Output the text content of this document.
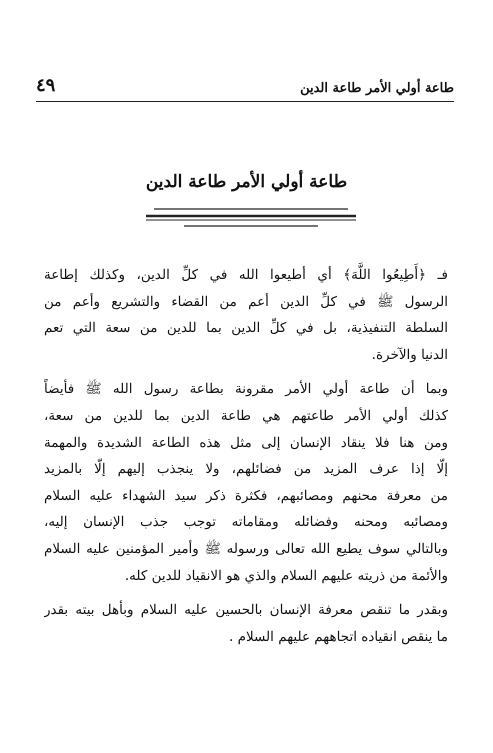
٤٩	طاعة أولي الأمر طاعة الدين
طاعة أولي الأمر طاعة الدين

فـ ﴿أَطِيعُوا اللَّهَ﴾ أي أطيعوا الله في كلِّ الدين، وكذلك إطاعة
الرسول ﷺ في كلِّ الدين أعم من القضاء والتشريع وأعم من
السلطة التنفيذية، بل في كلِّ الدين بما للدين من سعة التي تعم
الدنيا والآخرة.

وبما أن طاعة أولي الأمر مقرونة بطاعة رسول الله ﷺ فأيضاً
كذلك أولي الأمر طاعتهم هي طاعة الدين بما للدين من سعة،
ومن هنا فلا ينقاد الإنسان إلى مثل هذه الطاعة الشديدة والمهمة
إلّا إذا عرف المزيد من فضائلهم، ولا ينجذب إليهم إلّا بالمزيد
من معرفة محنهم ومصائبهم، فكثرة ذكر سيد الشهداء عليه السلام
ومصائبه ومحنه وفضائله ومقاماته توجب جذب الإنسان إليه،
وبالتالي سوف يطيع الله تعالى ورسوله ﷺ وأمير المؤمنين عليه السلام
والأئمة من ذريته عليهم السلام والذي هو الانقياد للدين كله.

وبقدر ما تنقص معرفة الإنسان بالحسين عليه السلام وبأهل بيته بقدر
ما ينقص انقياده اتجاههم عليهم السلام .
